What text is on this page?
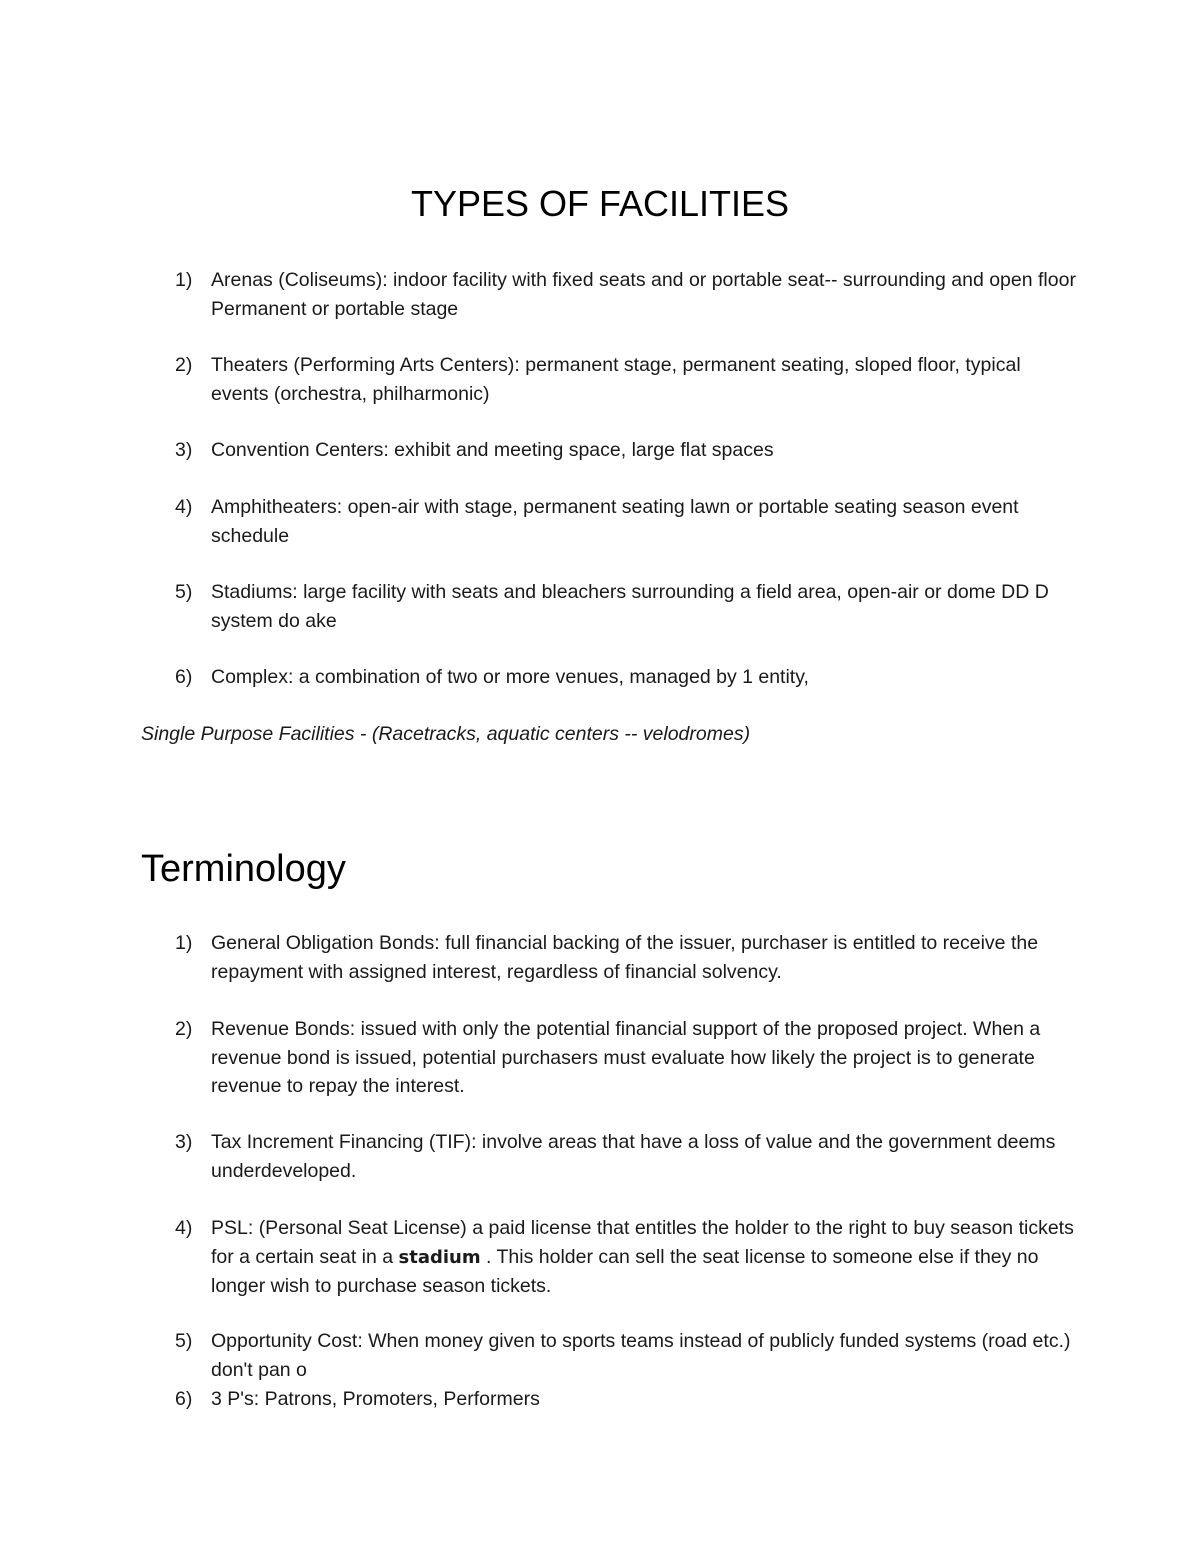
TYPES OF FACILITIES
1) Arenas (Coliseums): indoor facility with fixed seats and or portable seat-- surrounding and open floor Permanent or portable stage
2) Theaters (Performing Arts Centers): permanent stage, permanent seating, sloped floor, typical events (orchestra, philharmonic)
3) Convention Centers: exhibit and meeting space, large flat spaces
4) Amphitheaters: open-air with stage, permanent seating lawn or portable seating season event schedule
5) Stadiums: large facility with seats and bleachers surrounding a field area, open-air or dome DD D system do ake
6) Complex: a combination of two or more venues, managed by 1 entity,

Single Purpose Facilities - (Racetracks, aquatic centers -- velodromes)

Terminology
1) General Obligation Bonds: full financial backing of the issuer, purchaser is entitled to receive the repayment with assigned interest, regardless of financial solvency.
2) Revenue Bonds: issued with only the potential financial support of the proposed project. When a revenue bond is issued, potential purchasers must evaluate how likely the project is to generate revenue to repay the interest.
3) Tax Increment Financing (TIF): involve areas that have a loss of value and the government deems underdeveloped.
4) PSL: (Personal Seat License) a paid license that entitles the holder to the right to buy season tickets for a certain seat in a stadium . This holder can sell the seat license to someone else if they no longer wish to purchase season tickets.
5) Opportunity Cost: When money given to sports teams instead of publicly funded systems (road etc.) don't pan o
6) 3 P's: Patrons, Promoters, Performers
